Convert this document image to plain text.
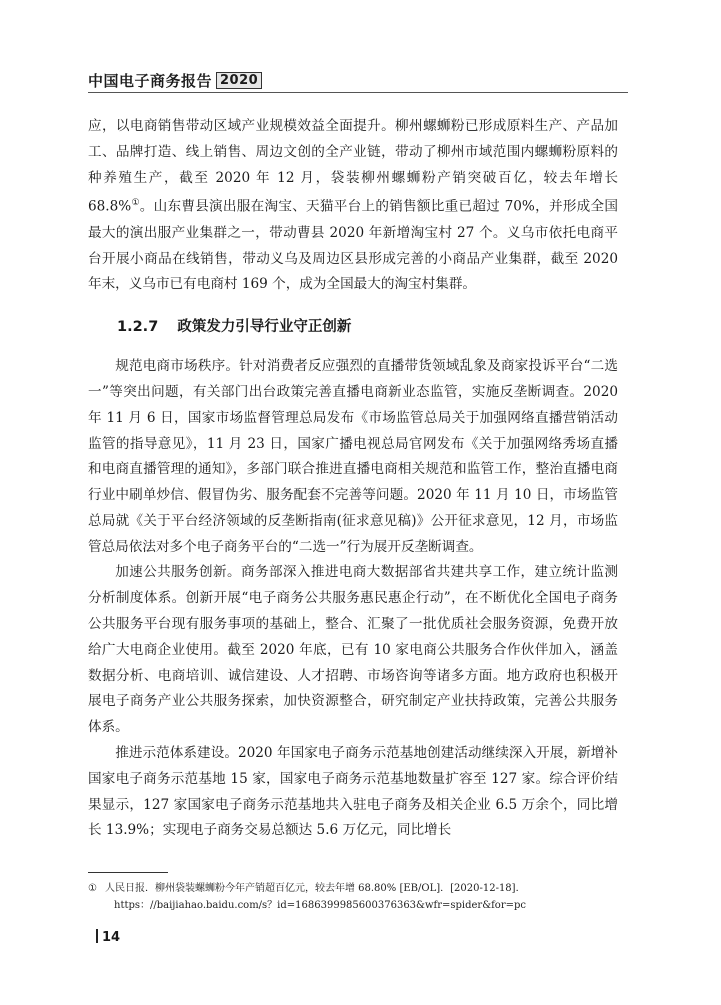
中国电子商务报告 2020

应，以电商销售带动区域产业规模效益全面提升。柳州螺蛳粉已形成原料生产、产品加工、品牌打造、线上销售、周边文创的全产业链，带动了柳州市域范围内螺蛳粉原料的种养殖生产，截至 2020 年 12 月，袋装柳州螺蛳粉产销突破百亿，较去年增长 68.8%①。山东曹县演出服在淘宝、天猫平台上的销售额比重已超过 70%，并形成全国最大的演出服产业集群之一，带动曹县 2020 年新增淘宝村 27 个。义乌市依托电商平台开展小商品在线销售，带动义乌及周边区县形成完善的小商品产业集群，截至 2020 年末，义乌市已有电商村 169 个，成为全国最大的淘宝村集群。

1.2.7 政策发力引导行业守正创新

规范电商市场秩序。针对消费者反应强烈的直播带货领域乱象及商家投诉平台“二选一”等突出问题，有关部门出台政策完善直播电商新业态监管，实施反垄断调查。2020 年 11 月 6 日，国家市场监督管理总局发布《市场监管总局关于加强网络直播营销活动监管的指导意见》，11 月 23 日，国家广播电视总局官网发布《关于加强网络秀场直播和电商直播管理的通知》，多部门联合推进直播电商相关规范和监管工作，整治直播电商行业中刷单炒信、假冒伪劣、服务配套不完善等问题。2020 年 11 月 10 日，市场监管总局就《关于平台经济领域的反垄断指南(征求意见稿)》公开征求意见，12 月，市场监管总局依法对多个电子商务平台的“二选一”行为展开反垄断调查。

加速公共服务创新。商务部深入推进电商大数据部省共建共享工作，建立统计监测分析制度体系。创新开展“电子商务公共服务惠民惠企行动”，在不断优化全国电子商务公共服务平台现有服务事项的基础上，整合、汇聚了一批优质社会服务资源，免费开放给广大电商企业使用。截至 2020 年底，已有 10 家电商公共服务合作伙伴加入，涵盖数据分析、电商培训、诚信建设、人才招聘、市场咨询等诸多方面。地方政府也积极开展电子商务产业公共服务探索，加快资源整合，研究制定产业扶持政策，完善公共服务体系。

推进示范体系建设。2020 年国家电子商务示范基地创建活动继续深入开展，新增补国家电子商务示范基地 15 家，国家电子商务示范基地数量扩容至 127 家。综合评价结果显示，127 家国家电子商务示范基地共入驻电子商务及相关企业 6.5 万余个，同比增长 13.9%；实现电子商务交易总额达 5.6 万亿元，同比增长

① 人民日报．柳州袋装螺蛳粉今年产销超百亿元，较去年增 68.80% [EB/OL]．[2020-12-18]．
https：//baijiahao.baidu.com/s？id=1686399985600376363&wfr=spider&for=pc
14
